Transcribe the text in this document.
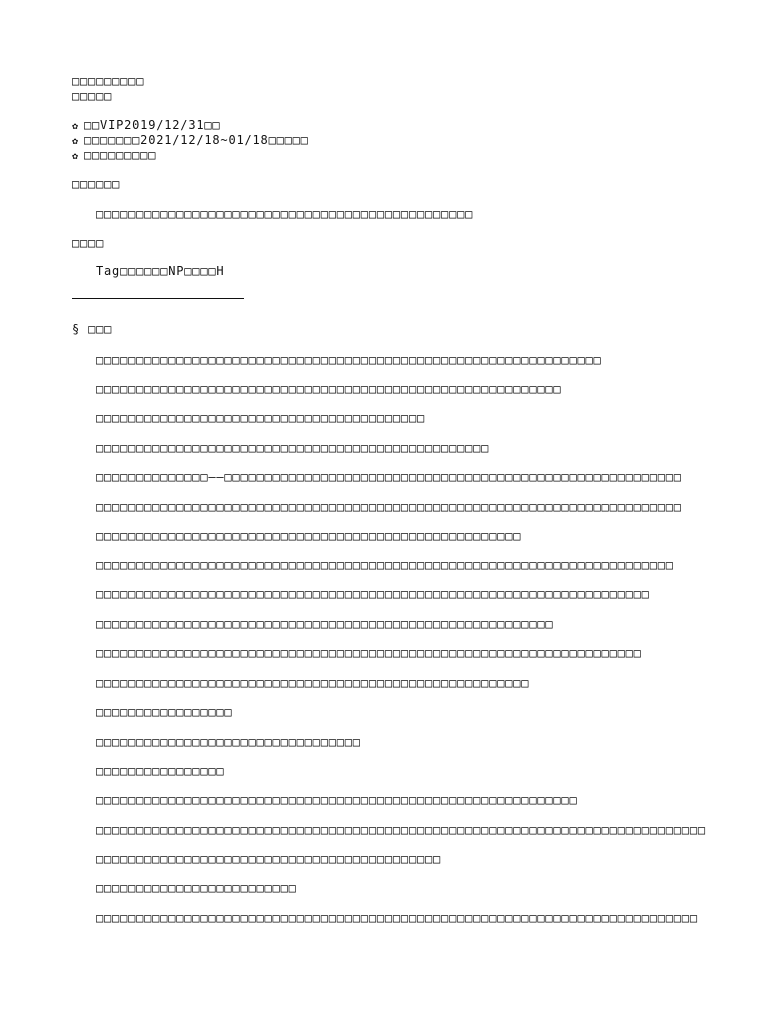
□□□□□□□□□
□□□□□
✿ □□VIP2019/12/31□□
✿ □□□□□□□2021/12/18~01/18□□□□□
✿ □□□□□□□□□
□□□□□□
□□□□□□□□□□□□□□□□□□□□□□□□□□□□□□□□□□□□□□□□□□□□□□□
□□□□
Tag□□□□□□NP□□□□H
§ □□□
□□□□□□□□□□□□□□□□□□□□□□□□□□□□□□□□□□□□□□□□□□□□□□□□□□□□□□□□□□□□□□□
□□□□□□□□□□□□□□□□□□□□□□□□□□□□□□□□□□□□□□□□□□□□□□□□□□□□□□□□□□
□□□□□□□□□□□□□□□□□□□□□□□□□□□□□□□□□□□□□□□□□
□□□□□□□□□□□□□□□□□□□□□□□□□□□□□□□□□□□□□□□□□□□□□□□□□
□□□□□□□□□□□□□□——□□□□□□□□□□□□□□□□□□□□□□□□□□□□□□□□□□□□□□□□□□□□□□□□□□□□□□□□□
□□□□□□□□□□□□□□□□□□□□□□□□□□□□□□□□□□□□□□□□□□□□□□□□□□□□□□□□□□□□□□□□□□□□□□□□□
□□□□□□□□□□□□□□□□□□□□□□□□□□□□□□□□□□□□□□□□□□□□□□□□□□□□□
□□□□□□□□□□□□□□□□□□□□□□□□□□□□□□□□□□□□□□□□□□□□□□□□□□□□□□□□□□□□□□□□□□□□□□□□
□□□□□□□□□□□□□□□□□□□□□□□□□□□□□□□□□□□□□□□□□□□□□□□□□□□□□□□□□□□□□□□□□□□□□
□□□□□□□□□□□□□□□□□□□□□□□□□□□□□□□□□□□□□□□□□□□□□□□□□□□□□□□□□
□□□□□□□□□□□□□□□□□□□□□□□□□□□□□□□□□□□□□□□□□□□□□□□□□□□□□□□□□□□□□□□□□□□□
□□□□□□□□□□□□□□□□□□□□□□□□□□□□□□□□□□□□□□□□□□□□□□□□□□□□□□
□□□□□□□□□□□□□□□□□
□□□□□□□□□□□□□□□□□□□□□□□□□□□□□□□□□
□□□□□□□□□□□□□□□□
□□□□□□□□□□□□□□□□□□□□□□□□□□□□□□□□□□□□□□□□□□□□□□□□□□□□□□□□□□□□
□□□□□□□□□□□□□□□□□□□□□□□□□□□□□□□□□□□□□□□□□□□□□□□□□□□□□□□□□□□□□□□□□□□□□□□□□□□□
□□□□□□□□□□□□□□□□□□□□□□□□□□□□□□□□□□□□□□□□□□□
□□□□□□□□□□□□□□□□□□□□□□□□□
□□□□□□□□□□□□□□□□□□□□□□□□□□□□□□□□□□□□□□□□□□□□□□□□□□□□□□□□□□□□□□□□□□□□□□□□□□□
